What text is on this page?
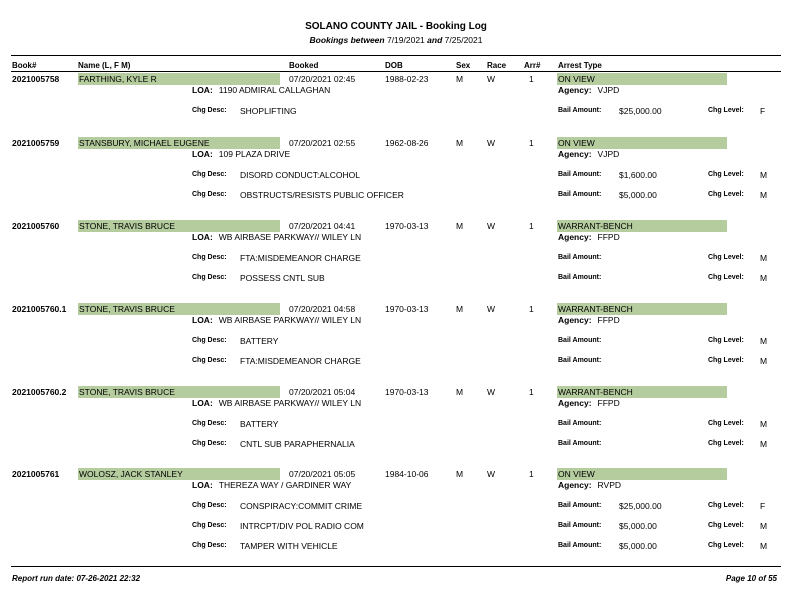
SOLANO COUNTY JAIL - Booking Log
Bookings between 7/19/2021 and 7/25/2021
Book#	Name (L, F M)	Booked	DOB	Sex Race Arr# Arrest Type
2021005758 FARTHING, KYLE R	07/20/2021 02:45	1988-02-23	M	W	1	ON VIEW
LOA: 1190 ADMIRAL CALLAGHAN	Agency: VJPD
Chg Desc: SHOPLIFTING	Bail Amount: $25,000.00	Chg Level: F
2021005759 STANSBURY, MICHAEL EUGENE	07/20/2021 02:55	1962-08-26	M	W	1	ON VIEW
LOA: 109 PLAZA DRIVE	Agency: VJPD
Chg Desc: DISORD CONDUCT:ALCOHOL	Bail Amount: $1,600.00	Chg Level: M
Chg Desc: OBSTRUCTS/RESISTS PUBLIC OFFICER	Bail Amount: $5,000.00	Chg Level: M
2021005760 STONE, TRAVIS BRUCE	07/20/2021 04:41	1970-03-13	M	W	1	WARRANT-BENCH
LOA: WB AIRBASE PARKWAY// WILEY LN	Agency: FFPD
Chg Desc: FTA:MISDEMEANOR CHARGE	Bail Amount:	Chg Level: M
Chg Desc: POSSESS CNTL SUB	Bail Amount:	Chg Level: M
2021005760.1 STONE, TRAVIS BRUCE	07/20/2021 04:58	1970-03-13	M	W	1	WARRANT-BENCH
LOA: WB AIRBASE PARKWAY// WILEY LN	Agency: FFPD
Chg Desc: BATTERY	Bail Amount:	Chg Level: M
Chg Desc: FTA:MISDEMEANOR CHARGE	Bail Amount:	Chg Level: M
2021005760.2 STONE, TRAVIS BRUCE	07/20/2021 05:04	1970-03-13	M	W	1	WARRANT-BENCH
LOA: WB AIRBASE PARKWAY// WILEY LN	Agency: FFPD
Chg Desc: BATTERY	Bail Amount:	Chg Level: M
Chg Desc: CNTL SUB PARAPHERNALIA	Bail Amount:	Chg Level: M
2021005761 WOLOSZ, JACK STANLEY	07/20/2021 05:05	1984-10-06	M	W	1	ON VIEW
LOA: THEREZA WAY / GARDINER WAY	Agency: RVPD
Chg Desc: CONSPIRACY:COMMIT CRIME	Bail Amount: $25,000.00	Chg Level: F
Chg Desc: INTRCPT/DIV POL RADIO COM	Bail Amount: $5,000.00	Chg Level: M
Chg Desc: TAMPER WITH VEHICLE	Bail Amount: $5,000.00	Chg Level: M
Report run date: 07-26-2021 22:32	Page 10 of 55
